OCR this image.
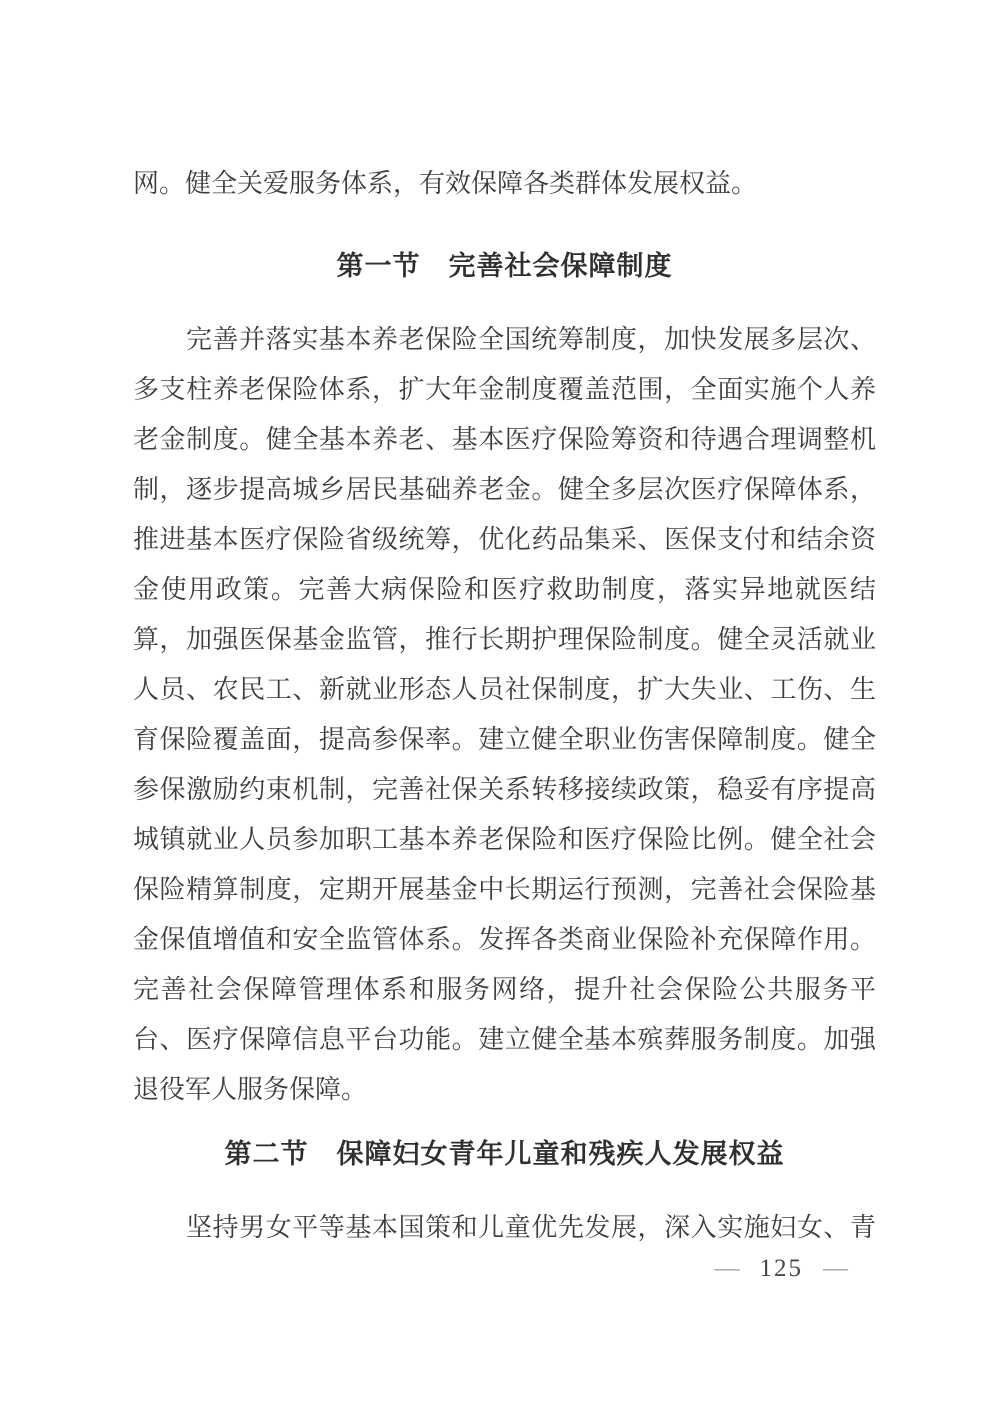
网。健全关爱服务体系，有效保障各类群体发展权益。
第一节　完善社会保障制度
完善并落实基本养老保险全国统筹制度，加快发展多层次、
多支柱养老保险体系，扩大年金制度覆盖范围，全面实施个人养
老金制度。健全基本养老、基本医疗保险筹资和待遇合理调整机
制，逐步提高城乡居民基础养老金。健全多层次医疗保障体系，
推进基本医疗保险省级统筹，优化药品集采、医保支付和结余资
金使用政策。完善大病保险和医疗救助制度，落实异地就医结
算，加强医保基金监管，推行长期护理保险制度。健全灵活就业
人员、农民工、新就业形态人员社保制度，扩大失业、工伤、生
育保险覆盖面，提高参保率。建立健全职业伤害保障制度。健全
参保激励约束机制，完善社保关系转移接续政策，稳妥有序提高
城镇就业人员参加职工基本养老保险和医疗保险比例。健全社会
保险精算制度，定期开展基金中长期运行预测，完善社会保险基
金保值增值和安全监管体系。发挥各类商业保险补充保障作用。
完善社会保障管理体系和服务网络，提升社会保险公共服务平
台、医疗保障信息平台功能。建立健全基本殡葬服务制度。加强
退役军人服务保障。
第二节　保障妇女青年儿童和残疾人发展权益
坚持男女平等基本国策和儿童优先发展，深入实施妇女、青
— 125 —
